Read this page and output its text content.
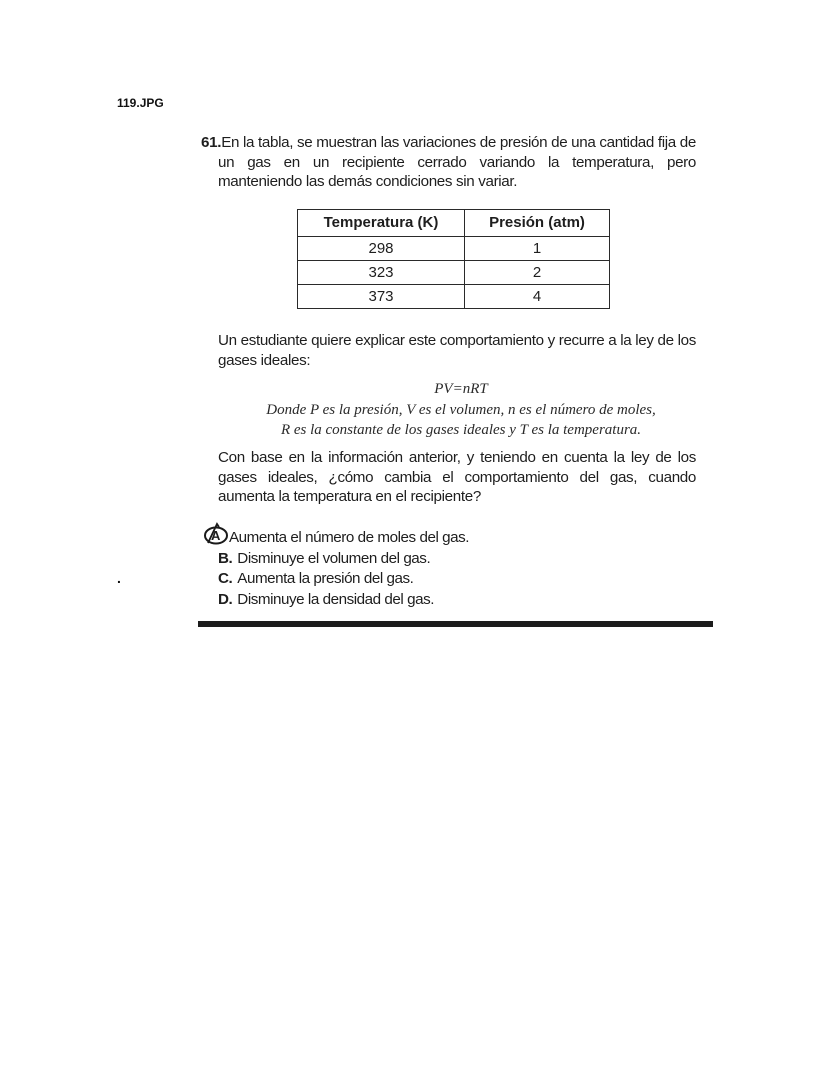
119.JPG
.

61.En la tabla, se muestran las variaciones de presión de una cantidad fija de un gas en un recipiente cerrado variando la temperatura, pero manteniendo las demás condiciones sin variar.

Temperatura (K)	Presión (atm)
298	1
323	2
373	4

Un estudiante quiere explicar este comportamiento y recurre a la ley de los gases ideales:

PV=nRT
Donde P es la presión, V es el volumen, n es el número de moles,
R es la constante de los gases ideales y T es la temperatura.

Con base en la información anterior, y teniendo en cuenta la ley de los gases ideales, ¿cómo cambia el comportamiento del gas, cuando aumenta la temperatura en el recipiente?

A Aumenta el número de moles del gas.
B. Disminuye el volumen del gas.
C. Aumenta la presión del gas.
D. Disminuye la densidad del gas.
